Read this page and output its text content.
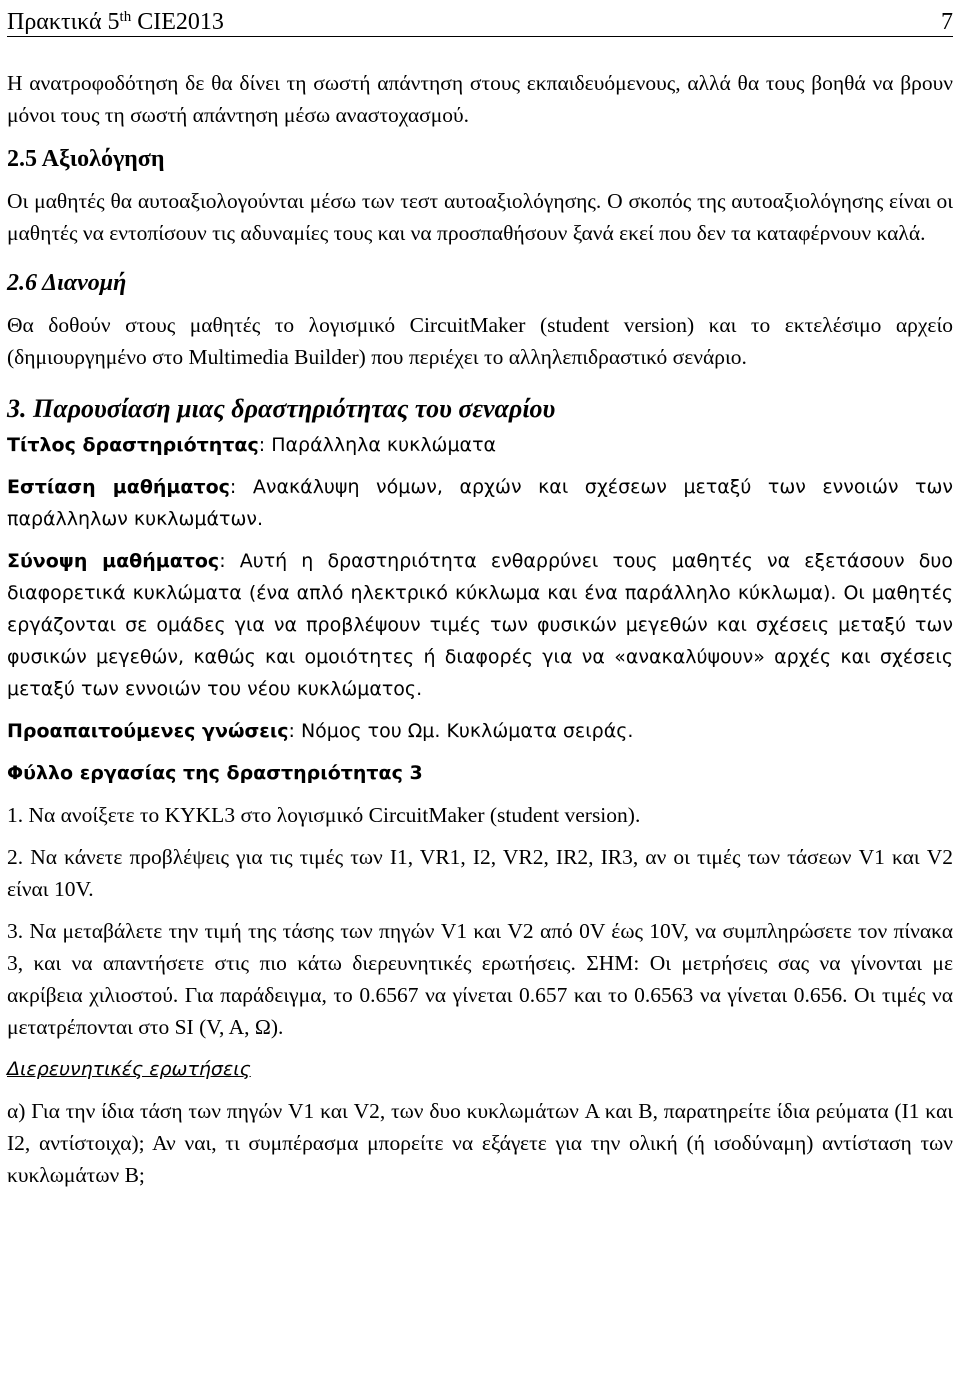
Πρακτικά 5th CIE2013	7

Η ανατροφοδότηση δε θα δίνει τη σωστή απάντηση στους εκπαιδευόμενους, αλλά θα τους βοηθά να βρουν μόνοι τους τη σωστή απάντηση μέσω αναστοχασμού.

2.5 Αξιολόγηση

Οι μαθητές θα αυτοαξιολογούνται μέσω των τεστ αυτοαξιολόγησης. Ο σκοπός της αυτοαξιολόγησης είναι οι μαθητές να εντοπίσουν τις αδυναμίες τους και να προσπαθήσουν ξανά εκεί που δεν τα καταφέρνουν καλά.

2.6 Διανομή

Θα δοθούν στους μαθητές το λογισμικό CircuitMaker (student version) και το εκτελέσιμο αρχείο (δημιουργημένο στο Multimedia Builder) που περιέχει το αλληλεπιδραστικό σενάριο.

3. Παρουσίαση μιας δραστηριότητας του σεναρίου

Τίτλος δραστηριότητας: Παράλληλα κυκλώματα

Εστίαση μαθήματος: Ανακάλυψη νόμων, αρχών και σχέσεων μεταξύ των εννοιών των παράλληλων κυκλωμάτων.

Σύνοψη μαθήματος: Αυτή η δραστηριότητα ενθαρρύνει τους μαθητές να εξετάσουν δυο διαφορετικά κυκλώματα (ένα απλό ηλεκτρικό κύκλωμα και ένα παράλληλο κύκλωμα). Οι μαθητές εργάζονται σε ομάδες για να προβλέψουν τιμές των φυσικών μεγεθών και σχέσεις μεταξύ των φυσικών μεγεθών, καθώς και ομοιότητες ή διαφορές για να «ανακαλύψουν» αρχές και σχέσεις μεταξύ των εννοιών του νέου κυκλώματος.

Προαπαιτούμενες γνώσεις: Νόμος του Ωμ. Κυκλώματα σειράς.

Φύλλο εργασίας της δραστηριότητας 3

1. Να ανοίξετε το KYKL3 στο λογισμικό CircuitMaker (student version).

2. Να κάνετε προβλέψεις για τις τιμές των I1, VR1, I2, VR2, IR2, IR3, αν οι τιμές των τάσεων V1 και V2 είναι 10V.

3. Να μεταβάλετε την τιμή της τάσης των πηγών V1 και V2 από 0V έως 10V, να συμπληρώσετε τον πίνακα 3, και να απαντήσετε στις πιο κάτω διερευνητικές ερωτήσεις. ΣΗΜ: Οι μετρήσεις σας να γίνονται με ακρίβεια χιλιοστού. Για παράδειγμα, το 0.6567 να γίνεται 0.657 και το 0.6563 να γίνεται 0.656. Οι τιμές να μετατρέπονται στο SI (V, A, Ω).

Διερευνητικές ερωτήσεις

α) Για την ίδια τάση των πηγών V1 και V2, των δυο κυκλωμάτων A και B, παρατηρείτε ίδια ρεύματα (I1 και I2, αντίστοιχα); Αν ναι, τι συμπέρασμα μπορείτε να εξάγετε για την ολική (ή ισοδύναμη) αντίσταση των κυκλωμάτων B;
